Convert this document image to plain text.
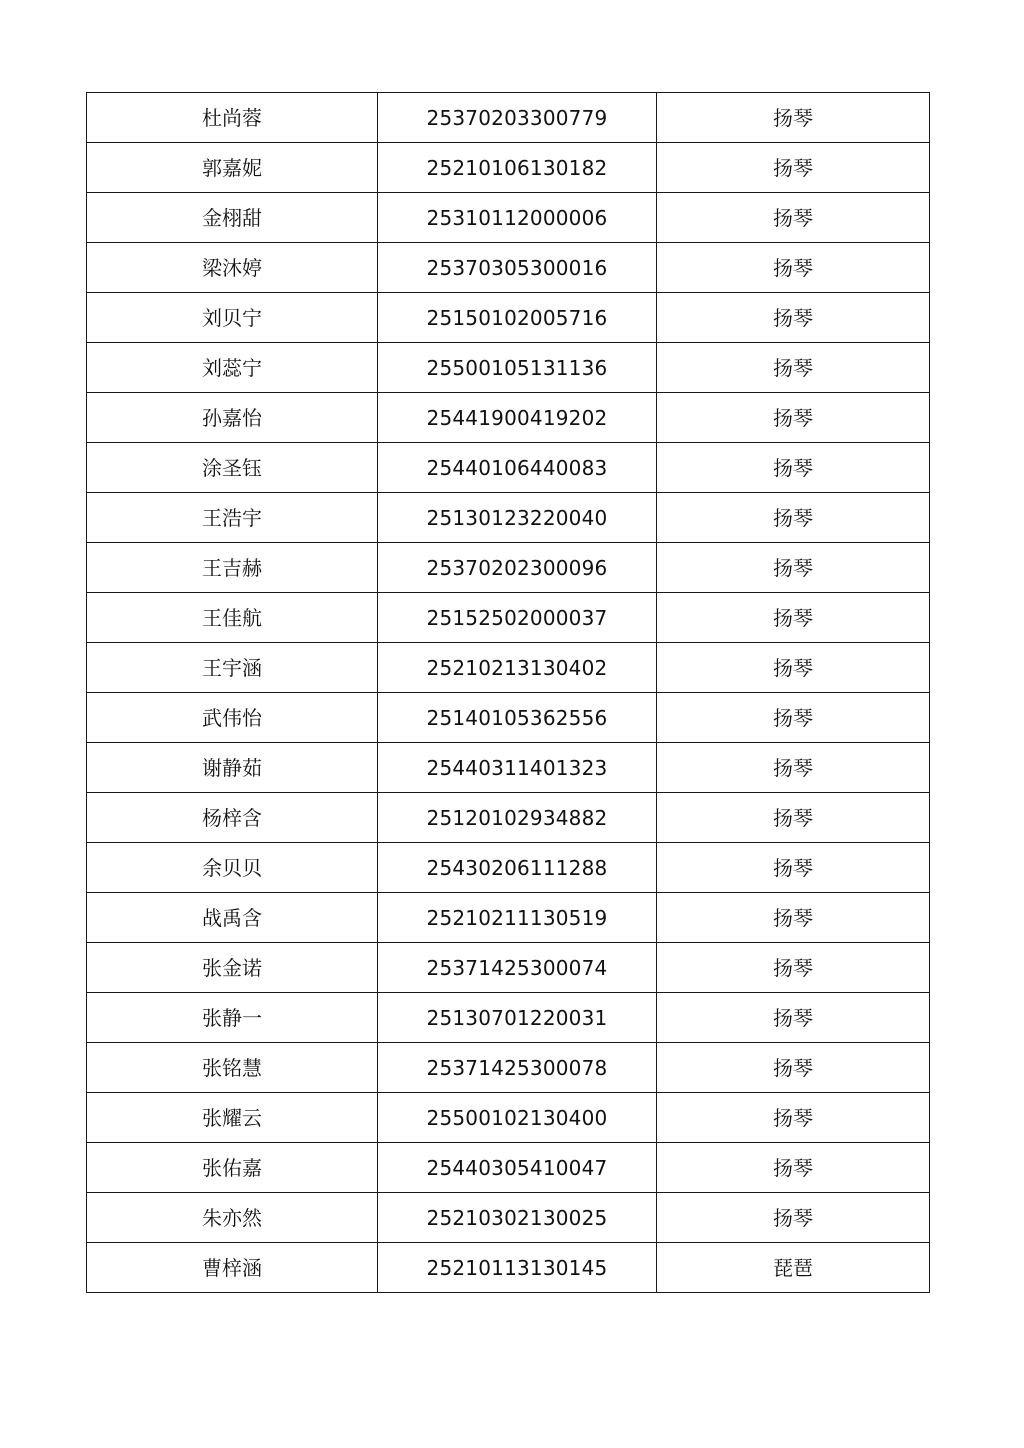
杜尚蓉	25370203300779	扬琴
郭嘉妮	25210106130182	扬琴
金栩甜	25310112000006	扬琴
梁沐婷	25370305300016	扬琴
刘贝宁	25150102005716	扬琴
刘蕊宁	25500105131136	扬琴
孙嘉怡	25441900419202	扬琴
涂圣钰	25440106440083	扬琴
王浩宇	25130123220040	扬琴
王吉赫	25370202300096	扬琴
王佳航	25152502000037	扬琴
王宇涵	25210213130402	扬琴
武伟怡	25140105362556	扬琴
谢静茹	25440311401323	扬琴
杨梓含	25120102934882	扬琴
余贝贝	25430206111288	扬琴
战禹含	25210211130519	扬琴
张金诺	25371425300074	扬琴
张静一	25130701220031	扬琴
张铭慧	25371425300078	扬琴
张耀云	25500102130400	扬琴
张佑嘉	25440305410047	扬琴
朱亦然	25210302130025	扬琴
曹梓涵	25210113130145	琵琶
